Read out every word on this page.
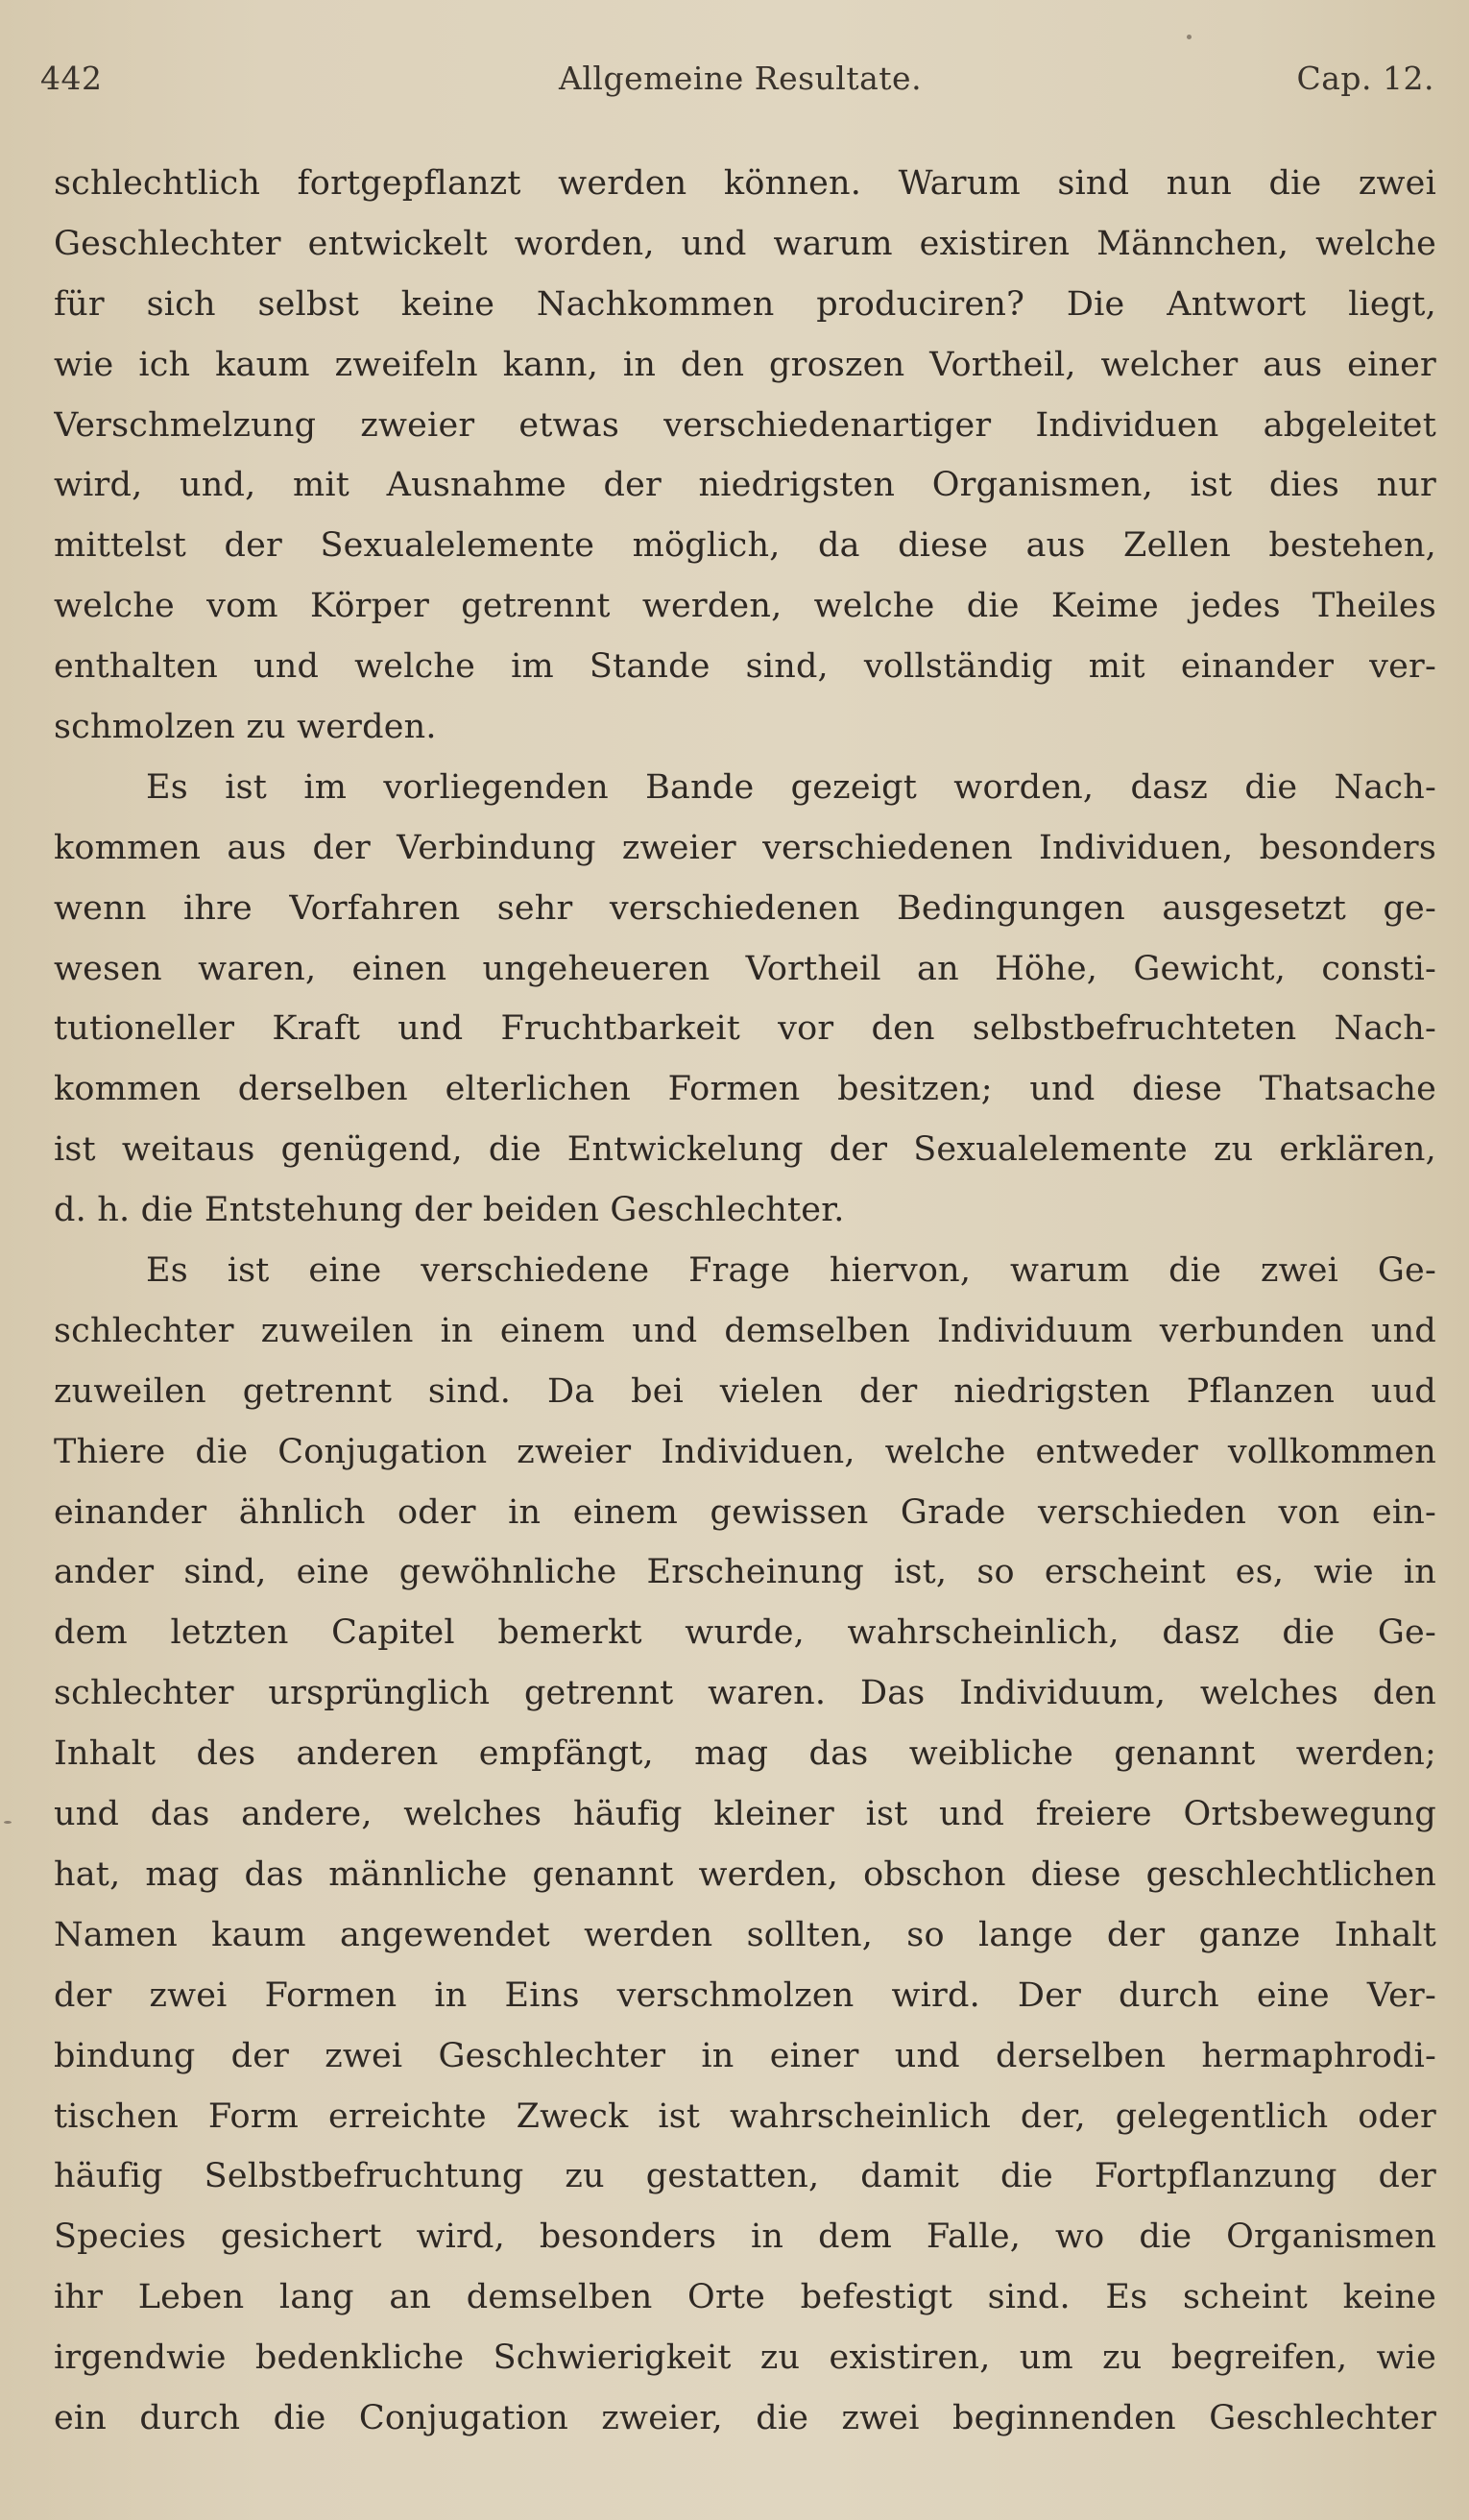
442	Allgemeine Resultate.	Cap. 12.
schlechtlich fortgepflanzt werden können. Warum sind nun die zwei
Geschlechter entwickelt worden, und warum existiren Männchen, welche
für sich selbst keine Nachkommen produciren? Die Antwort liegt,
wie ich kaum zweifeln kann, in den groszen Vortheil, welcher aus einer
Verschmelzung zweier etwas verschiedenartiger Individuen abgeleitet
wird, und, mit Ausnahme der niedrigsten Organismen, ist dies nur
mittelst der Sexualelemente möglich, da diese aus Zellen bestehen,
welche vom Körper getrennt werden, welche die Keime jedes Theiles
enthalten und welche im Stande sind, vollständig mit einander ver-
schmolzen zu werden.
Es ist im vorliegenden Bande gezeigt worden, dasz die Nach-
kommen aus der Verbindung zweier verschiedenen Individuen, besonders
wenn ihre Vorfahren sehr verschiedenen Bedingungen ausgesetzt ge-
wesen waren, einen ungeheueren Vortheil an Höhe, Gewicht, consti-
tutioneller Kraft und Fruchtbarkeit vor den selbstbefruchteten Nach-
kommen derselben elterlichen Formen besitzen; und diese Thatsache
ist weitaus genügend, die Entwickelung der Sexualelemente zu erklären,
d. h. die Entstehung der beiden Geschlechter.
Es ist eine verschiedene Frage hiervon, warum die zwei Ge-
schlechter zuweilen in einem und demselben Individuum verbunden und
zuweilen getrennt sind. Da bei vielen der niedrigsten Pflanzen uud
Thiere die Conjugation zweier Individuen, welche entweder vollkommen
einander ähnlich oder in einem gewissen Grade verschieden von ein-
ander sind, eine gewöhnliche Erscheinung ist, so erscheint es, wie in
dem letzten Capitel bemerkt wurde, wahrscheinlich, dasz die Ge-
schlechter ursprünglich getrennt waren. Das Individuum, welches den
Inhalt des anderen empfängt, mag das weibliche genannt werden;
und das andere, welches häufig kleiner ist und freiere Ortsbewegung
hat, mag das männliche genannt werden, obschon diese geschlechtlichen
Namen kaum angewendet werden sollten, so lange der ganze Inhalt
der zwei Formen in Eins verschmolzen wird. Der durch eine Ver-
bindung der zwei Geschlechter in einer und derselben hermaphrodi-
tischen Form erreichte Zweck ist wahrscheinlich der, gelegentlich oder
häufig Selbstbefruchtung zu gestatten, damit die Fortpflanzung der
Species gesichert wird, besonders in dem Falle, wo die Organismen
ihr Leben lang an demselben Orte befestigt sind. Es scheint keine
irgendwie bedenkliche Schwierigkeit zu existiren, um zu begreifen, wie
ein durch die Conjugation zweier, die zwei beginnenden Geschlechter
